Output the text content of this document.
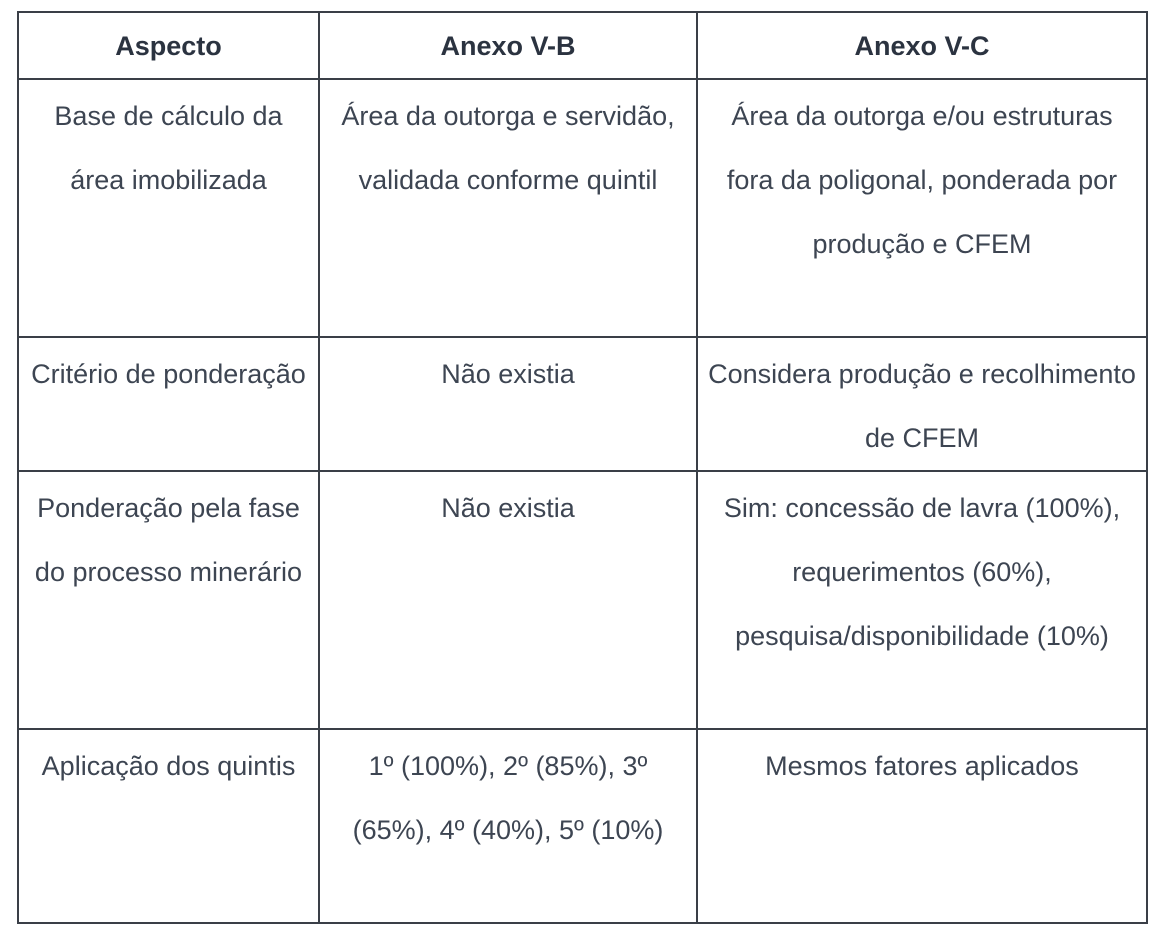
Aspecto	Anexo V-B	Anexo V-C
Base de cálculo da área imobilizada	Área da outorga e servidão, validada conforme quintil	Área da outorga e/ou estruturas fora da poligonal, ponderada por produção e CFEM
Critério de ponderação	Não existia	Considera produção e recolhimento de CFEM
Ponderação pela fase do processo minerário	Não existia	Sim: concessão de lavra (100%), requerimentos (60%), pesquisa/disponibilidade (10%)
Aplicação dos quintis	1º (100%), 2º (85%), 3º (65%), 4º (40%), 5º (10%)	Mesmos fatores aplicados
